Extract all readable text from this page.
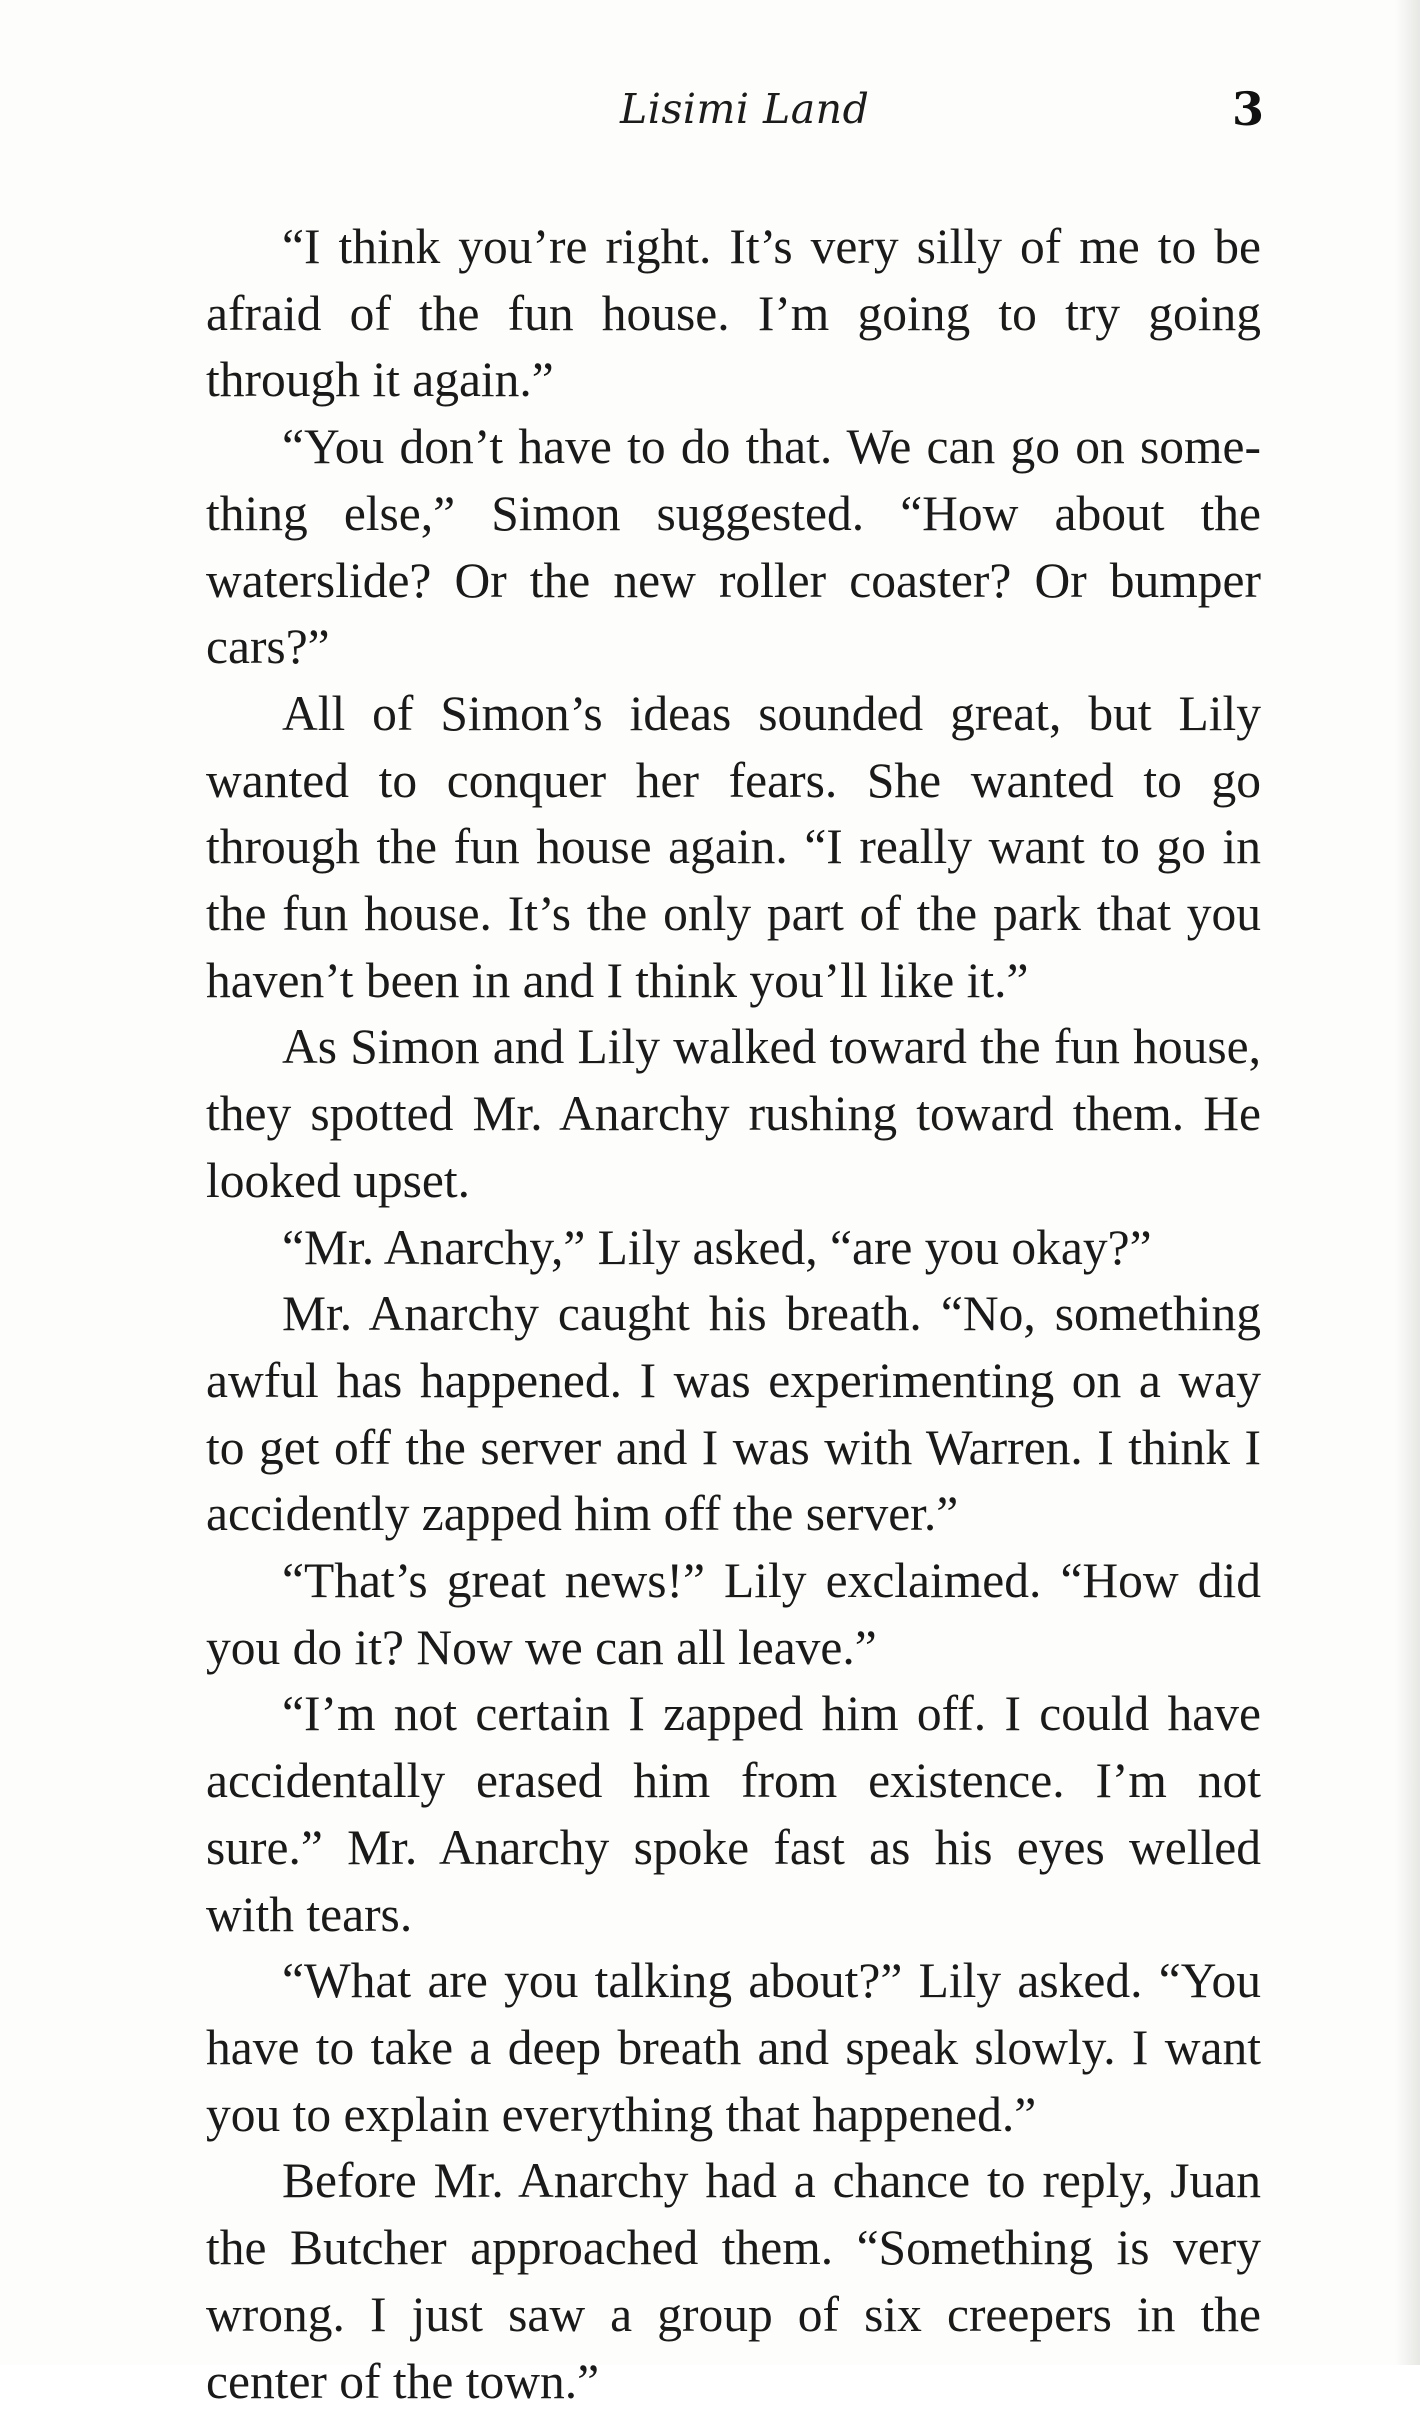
Lisimi Land	3

“I think you’re right. It’s very silly of me to be afraid of the fun house. I’m going to try going through it again.”

“You don’t have to do that. We can go on something else,” Simon suggested. “How about the waterslide? Or the new roller coaster? Or bumper cars?”

All of Simon’s ideas sounded great, but Lily wanted to conquer her fears. She wanted to go through the fun house again. “I really want to go in the fun house. It’s the only part of the park that you haven’t been in and I think you’ll like it.”

As Simon and Lily walked toward the fun house, they spotted Mr. Anarchy rushing toward them. He looked upset.

“Mr. Anarchy,” Lily asked, “are you okay?”

Mr. Anarchy caught his breath. “No, something awful has happened. I was experimenting on a way to get off the server and I was with Warren. I think I accidently zapped him off the server.”

“That’s great news!” Lily exclaimed. “How did you do it? Now we can all leave.”

“I’m not certain I zapped him off. I could have accidentally erased him from existence. I’m not sure.” Mr. Anarchy spoke fast as his eyes welled with tears.

“What are you talking about?” Lily asked. “You have to take a deep breath and speak slowly. I want you to explain everything that happened.”

Before Mr. Anarchy had a chance to reply, Juan the Butcher approached them. “Something is very wrong. I just saw a group of six creepers in the center of the town.”
